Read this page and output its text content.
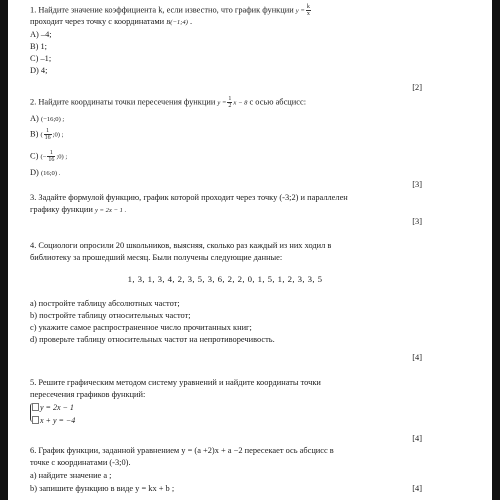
1. Найдите значение коэффициента k, если известно, что график функции $y = \frac{k}{x}$
проходит через точку с координатами B(−1;4) .
A) –4;
B) 1;
C) –1;
D) 4;
[2]
2. Найдите координаты точки пересечения функции $y = \frac{1}{2}$ x − 8 с осью абсцисс:
A) (−16;0) ;
B) ( $\frac{1}{16}$ ;0) ;
C) (− $\frac{1}{16}$ ;0) ;
D) (16;0) .
[3]
3. Задайте формулой функцию, график которой проходит через точку (-3;2) и параллелен
графику функции y = 2x − 1 .
[3]
4. Социологи опросили 20 школьников, выясняя, сколько раз каждый из них ходил в
библиотеку за прошедший месяц. Были получены следующие данные:
1, 3, 1, 3, 4, 2, 3, 5, 3, 6, 2, 2, 0, 1, 5, 1, 2, 3, 3, 5
a) постройте таблицу абсолютных частот;
b) постройте таблицу относительных частот;
c) укажите самое распространенное число прочитанных книг;
d) проверьте таблицу относительных частот на непротиворечивость.
[4]
5. Решите графическим методом систему уравнений и найдите координаты точки
пересечения графиков функций:
y = 2x − 1
x + y = −4
[4]
6. График функции, заданной уравнением y = (a +2)x + a −2 пересекает ось абсцисс в
точке с координатами (-3;0).
a) найдите значение a ;
b) запишите функцию в виде y = kx + b ;	[4]
